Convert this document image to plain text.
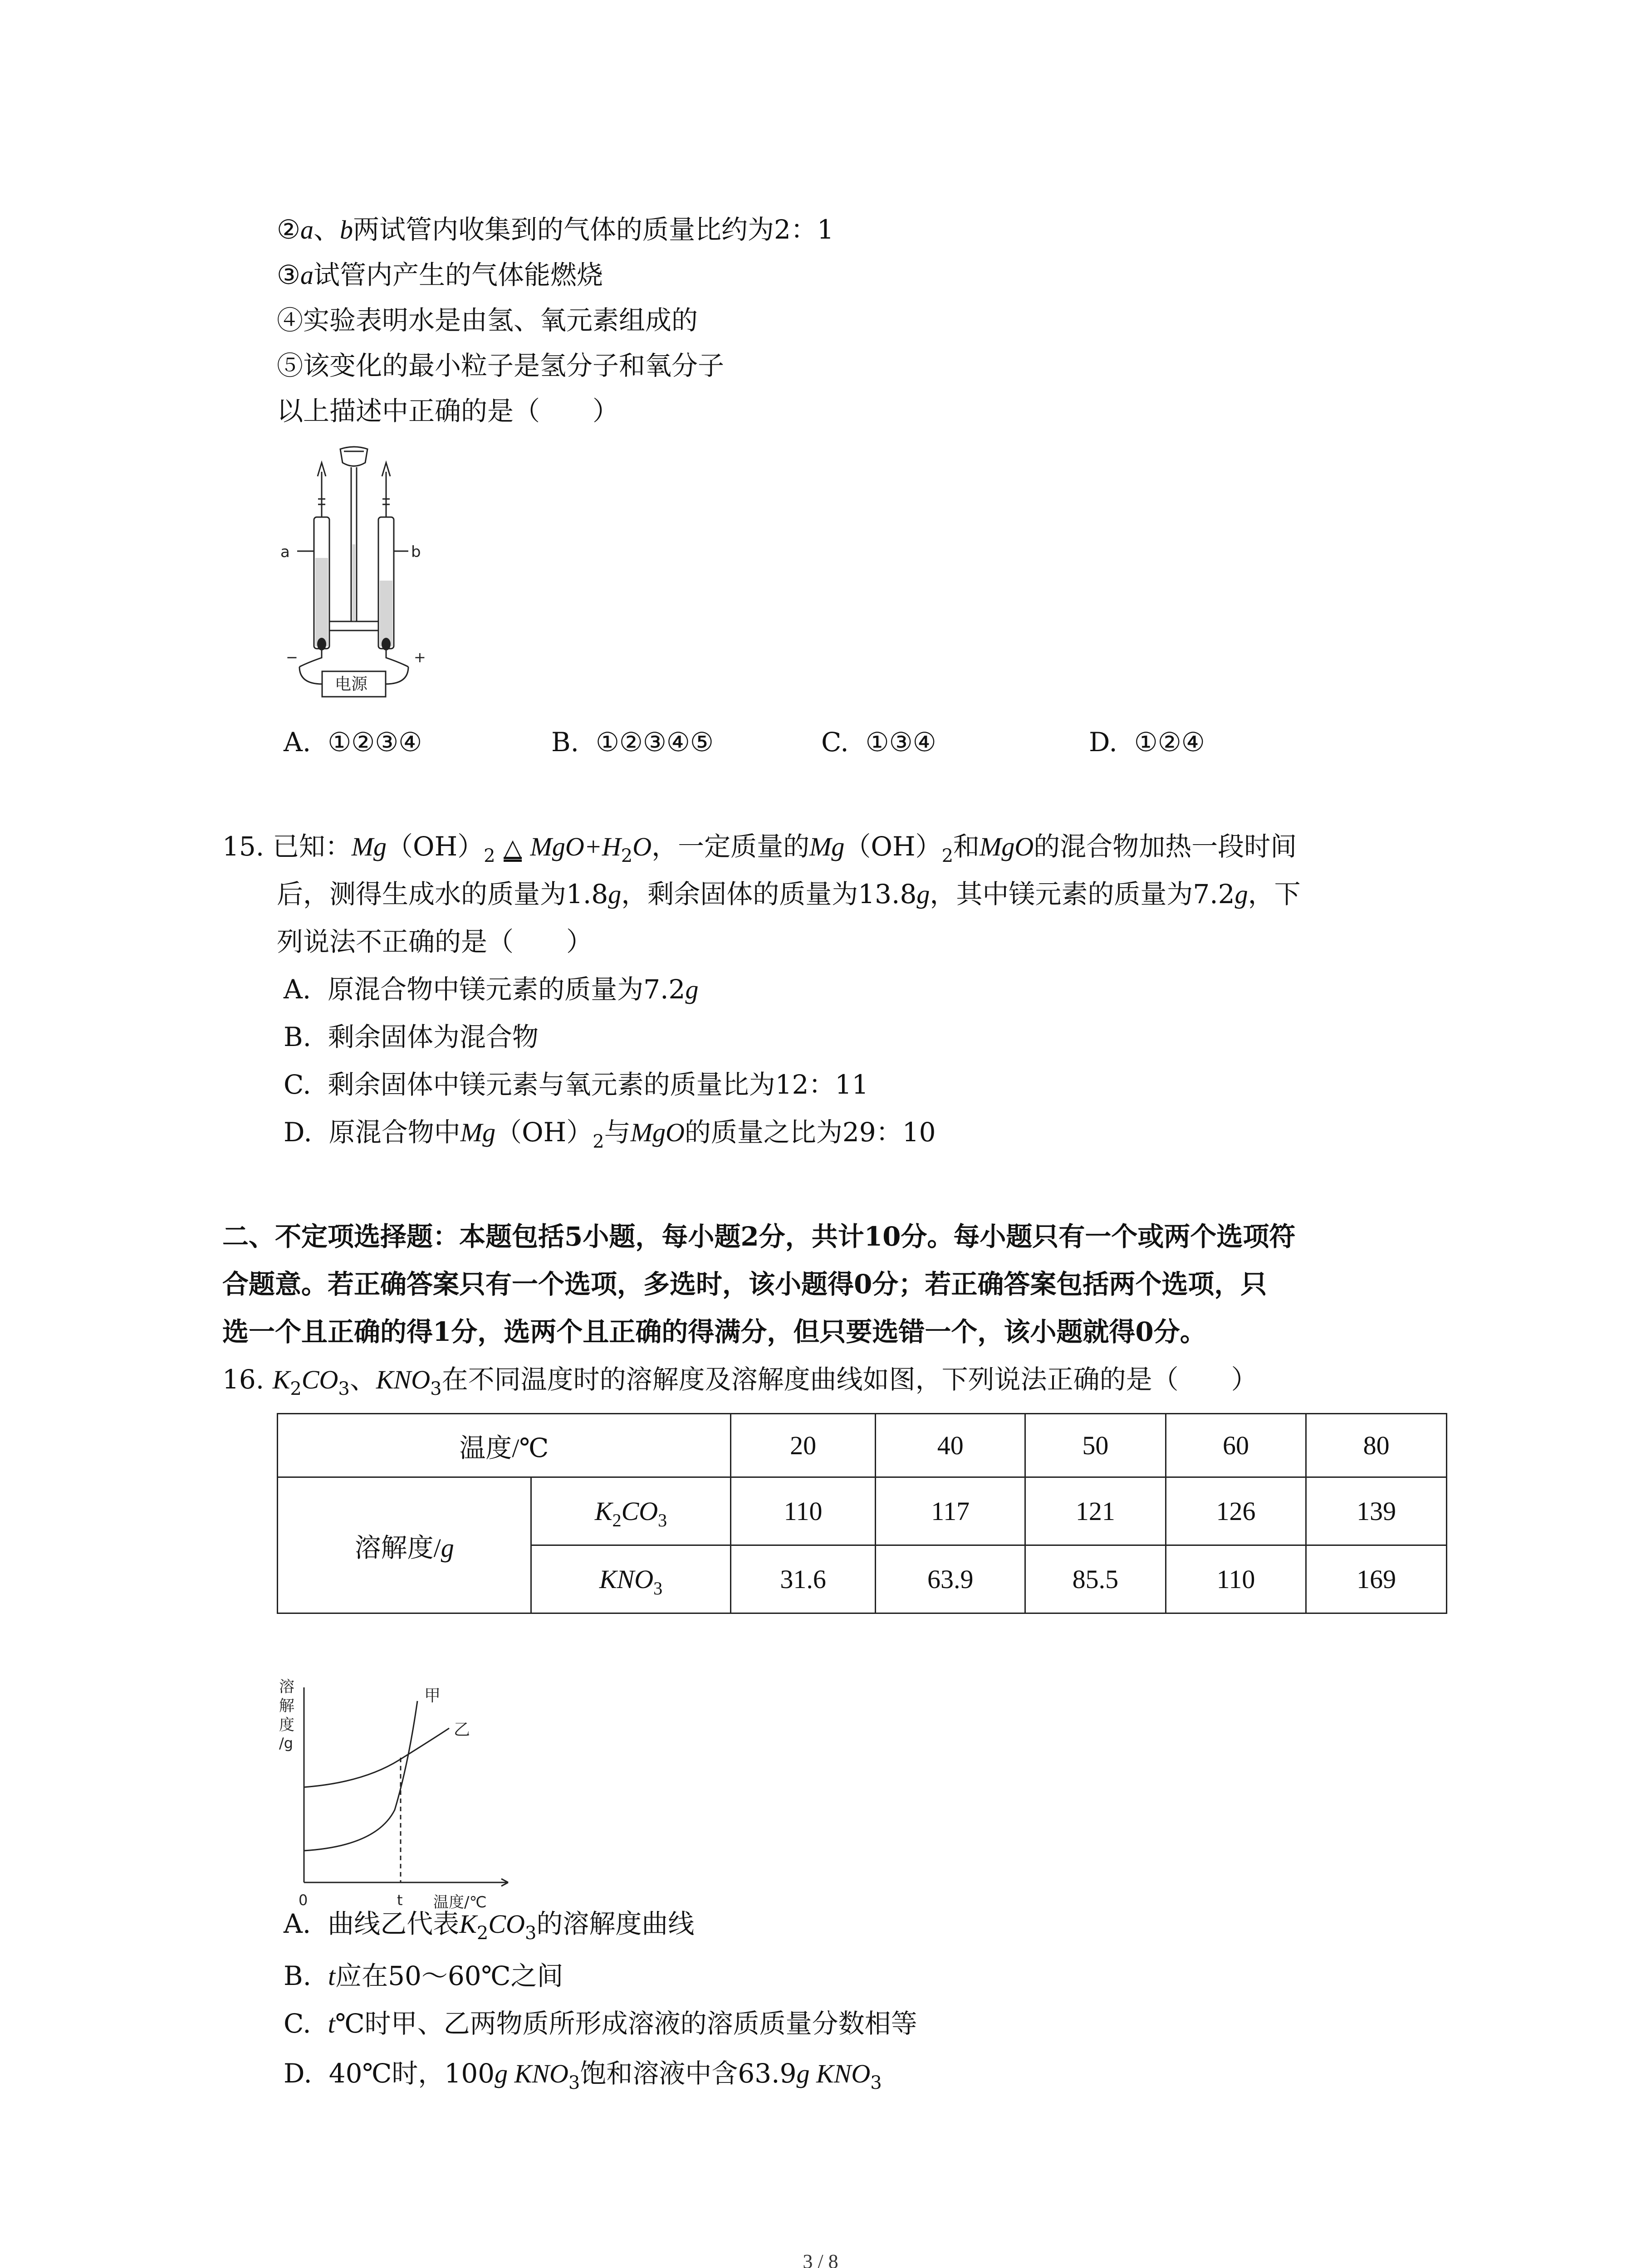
②a、b两试管内收集到的气体的质量比约为2：1
③a试管内产生的气体能燃烧
④实验表明水是由氢、氧元素组成的
⑤该变化的最小粒子是氢分子和氧分子
以上描述中正确的是（　　）
a	b
电源
−	+
A. ①②③④	B. ①②③④⑤	C. ①③④	D. ①②④
15. 已知：$Mg(OH)_2$ △ $MgO+H_2O$，一定质量的$Mg(OH)_2$和MgO的混合物加热一段时间
后，测得生成水的质量为1.8g，剩余固体的质量为13.8g，其中镁元素的质量为7.2g，下
列说法不正确的是（　　）
A. 原混合物中镁元素的质量为7.2g
B. 剩余固体为混合物
C. 剩余固体中镁元素与氧元素的质量比为12：11
D. 原混合物中$Mg(OH)_2$与MgO的质量之比为29：10
二、不定项选择题：本题包括5小题，每小题2分，共计10分。每小题只有一个或两个选项符
合题意。若正确答案只有一个选项，多选时，该小题得0分；若正确答案包括两个选项，只
选一个且正确的得1分，选两个且正确的得满分，但只要选错一个，该小题就得0分。
16. $K_2CO_3$、$KNO_3$在不同温度时的溶解度及溶解度曲线如图，下列说法正确的是（　　）
温度/℃		20	40	50	60	80
溶解度/g	$K_2CO_3$	110	117	121	126	139
	$KNO_3$	31.6	63.9	85.5	110	169
溶
解
度
/g
甲
乙
0	t 温度/℃
A. 曲线乙代表$K_2CO_3$的溶解度曲线
B. t应在50～60℃之间
C. t℃时甲、乙两物质所形成溶液的溶质质量分数相等
D. 40℃时，100g $KNO_3$饱和溶液中含63.9g $KNO_3$
3 / 8
